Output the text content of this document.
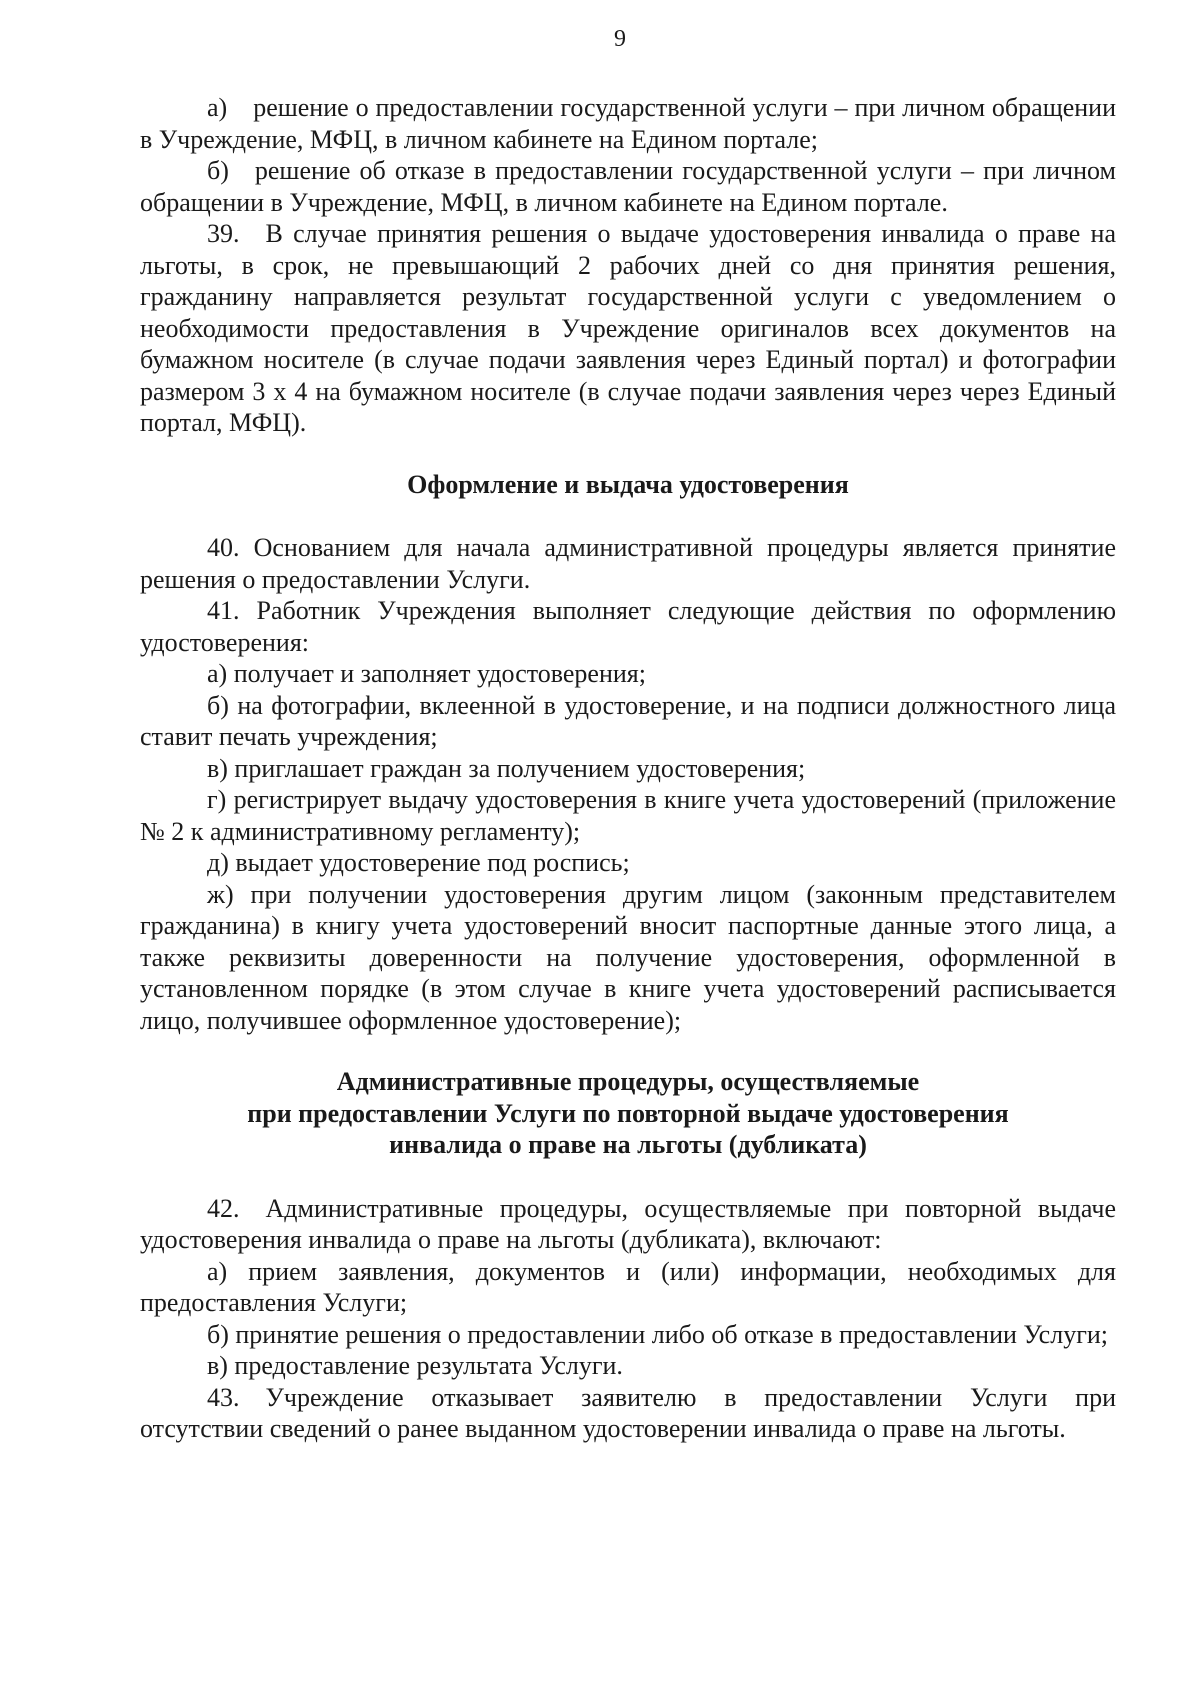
9

а) решение о предоставлении государственной услуги – при личном обращении в Учреждение, МФЦ, в личном кабинете на Едином портале;

б) решение об отказе в предоставлении государственной услуги – при личном обращении в Учреждение, МФЦ, в личном кабинете на Едином портале.

39. В случае принятия решения о выдаче удостоверения инвалида о праве на льготы, в срок, не превышающий 2 рабочих дней со дня принятия решения, гражданину направляется результат государственной услуги с уведомлением о необходимости предоставления в Учреждение оригиналов всех документов на бумажном носителе (в случае подачи заявления через Единый портал) и фотографии размером 3 х 4 на бумажном носителе (в случае подачи заявления через через Единый портал, МФЦ).

Оформление и выдача удостоверения

40. Основанием для начала административной процедуры является принятие решения о предоставлении Услуги.

41. Работник Учреждения выполняет следующие действия по оформлению удостоверения:

а) получает и заполняет удостоверения;

б) на фотографии, вклеенной в удостоверение, и на подписи должностного лица ставит печать учреждения;

в) приглашает граждан за получением удостоверения;

г) регистрирует выдачу удостоверения в книге учета удостоверений (приложение № 2 к административному регламенту);

д) выдает удостоверение под роспись;

ж) при получении удостоверения другим лицом (законным представителем гражданина) в книгу учета удостоверений вносит паспортные данные этого лица, а также реквизиты доверенности на получение удостоверения, оформленной в установленном порядке (в этом случае в книге учета удостоверений расписывается лицо, получившее оформленное удостоверение);

Административные процедуры, осуществляемые
при предоставлении Услуги по повторной выдаче удостоверения
инвалида о праве на льготы (дубликата)

42. Административные процедуры, осуществляемые при повторной выдаче удостоверения инвалида о праве на льготы (дубликата), включают:

а) прием заявления, документов и (или) информации, необходимых для предоставления Услуги;

б) принятие решения о предоставлении либо об отказе в предоставлении Услуги;

в) предоставление результата Услуги.

43. Учреждение отказывает заявителю в предоставлении Услуги при отсутствии сведений о ранее выданном удостоверении инвалида о праве на льготы.
